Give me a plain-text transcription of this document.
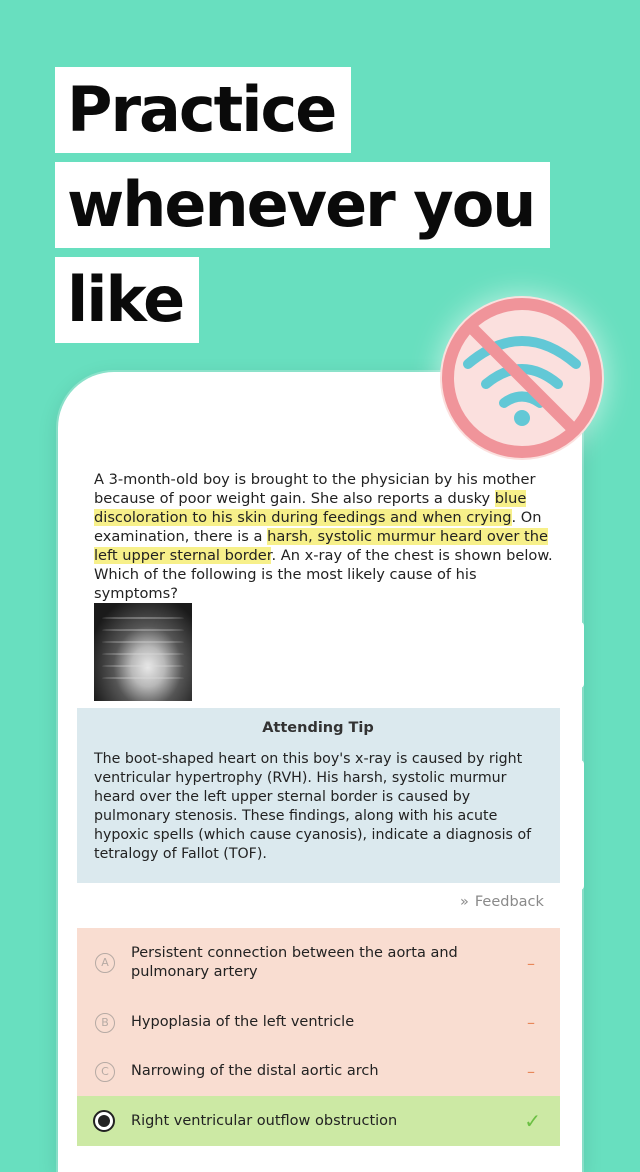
Practice
whenever you
like
A 3-month-old boy is brought to the physician by his mother because of poor weight gain. She also reports a dusky blue discoloration to his skin during feedings and when crying. On examination, there is a harsh, systolic murmur heard over the left upper sternal border. An x-ray of the chest is shown below. Which of the following is the most likely cause of his symptoms?
Attending Tip
The boot-shaped heart on this boy's x-ray is caused by right ventricular hypertrophy (RVH). His harsh, systolic murmur heard over the left upper sternal border is caused by pulmonary stenosis. These findings, along with his acute hypoxic spells (which cause cyanosis), indicate a diagnosis of tetralogy of Fallot (TOF).
» Feedback
A
Persistent connection between the aorta and pulmonary artery	–
B	Hypoplasia of the left ventricle	–
C	Narrowing of the distal aortic arch	–
Right ventricular outflow obstruction	✓
